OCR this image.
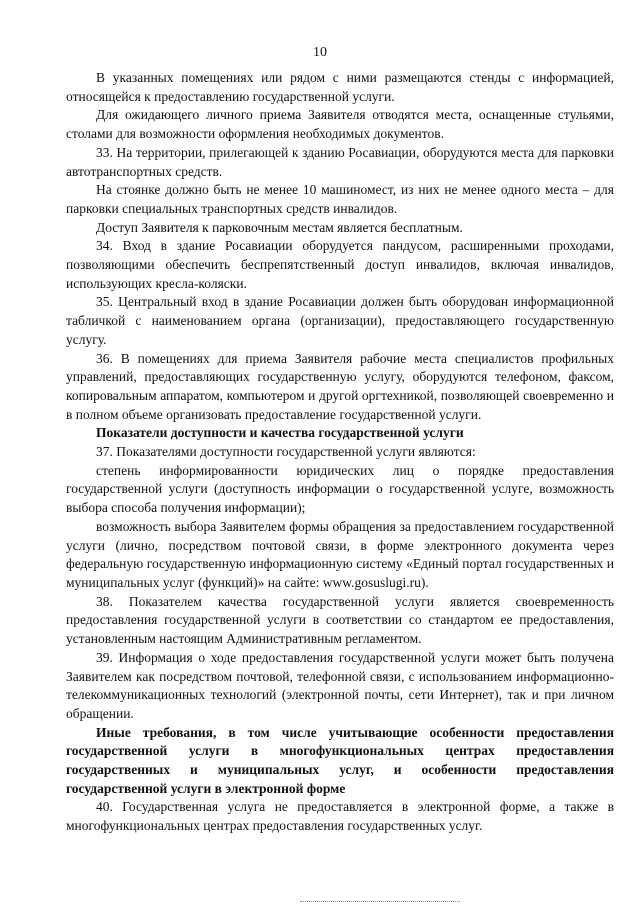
10

В указанных помещениях или рядом с ними размещаются стенды с информацией, относящейся к предоставлению государственной услуги.

Для ожидающего личного приема Заявителя отводятся места, оснащенные стульями, столами для возможности оформления необходимых документов.

33. На территории, прилегающей к зданию Росавиации, оборудуются места для парковки автотранспортных средств.

На стоянке должно быть не менее 10 машиномест, из них не менее одного места – для парковки специальных транспортных средств инвалидов.

Доступ Заявителя к парковочным местам является бесплатным.

34. Вход в здание Росавиации оборудуется пандусом, расширенными проходами, позволяющими обеспечить беспрепятственный доступ инвалидов, включая инвалидов, использующих кресла-коляски.

35. Центральный вход в здание Росавиации должен быть оборудован информационной табличкой с наименованием органа (организации), предоставляющего государственную услугу.

36. В помещениях для приема Заявителя рабочие места специалистов профильных управлений, предоставляющих государственную услугу, оборудуются телефоном, факсом, копировальным аппаратом, компьютером и другой оргтехникой, позволяющей своевременно и в полном объеме организовать предоставление государственной услуги.

Показатели доступности и качества государственной услуги

37. Показателями доступности государственной услуги являются:

степень информированности юридических лиц о порядке предоставления государственной услуги (доступность информации о государственной услуге, возможность выбора способа получения информации);

возможность выбора Заявителем формы обращения за предоставлением государственной услуги (лично, посредством почтовой связи, в форме электронного документа через федеральную государственную информационную систему «Единый портал государственных и муниципальных услуг (функций)» на сайте: www.gosuslugi.ru).

38. Показателем качества государственной услуги является своевременность предоставления государственной услуги в соответствии со стандартом ее предоставления, установленным настоящим Административным регламентом.

39. Информация о ходе предоставления государственной услуги может быть получена Заявителем как посредством почтовой, телефонной связи, с использованием информационно-телекоммуникационных технологий (электронной почты, сети Интернет), так и при личном обращении.

Иные требования, в том числе учитывающие особенности предоставления государственной услуги в многофункциональных центрах предоставления государственных и муниципальных услуг, и особенности предоставления государственной услуги в электронной форме

40. Государственная услуга не предоставляется в электронной форме, а также в многофункциональных центрах предоставления государственных услуг.
